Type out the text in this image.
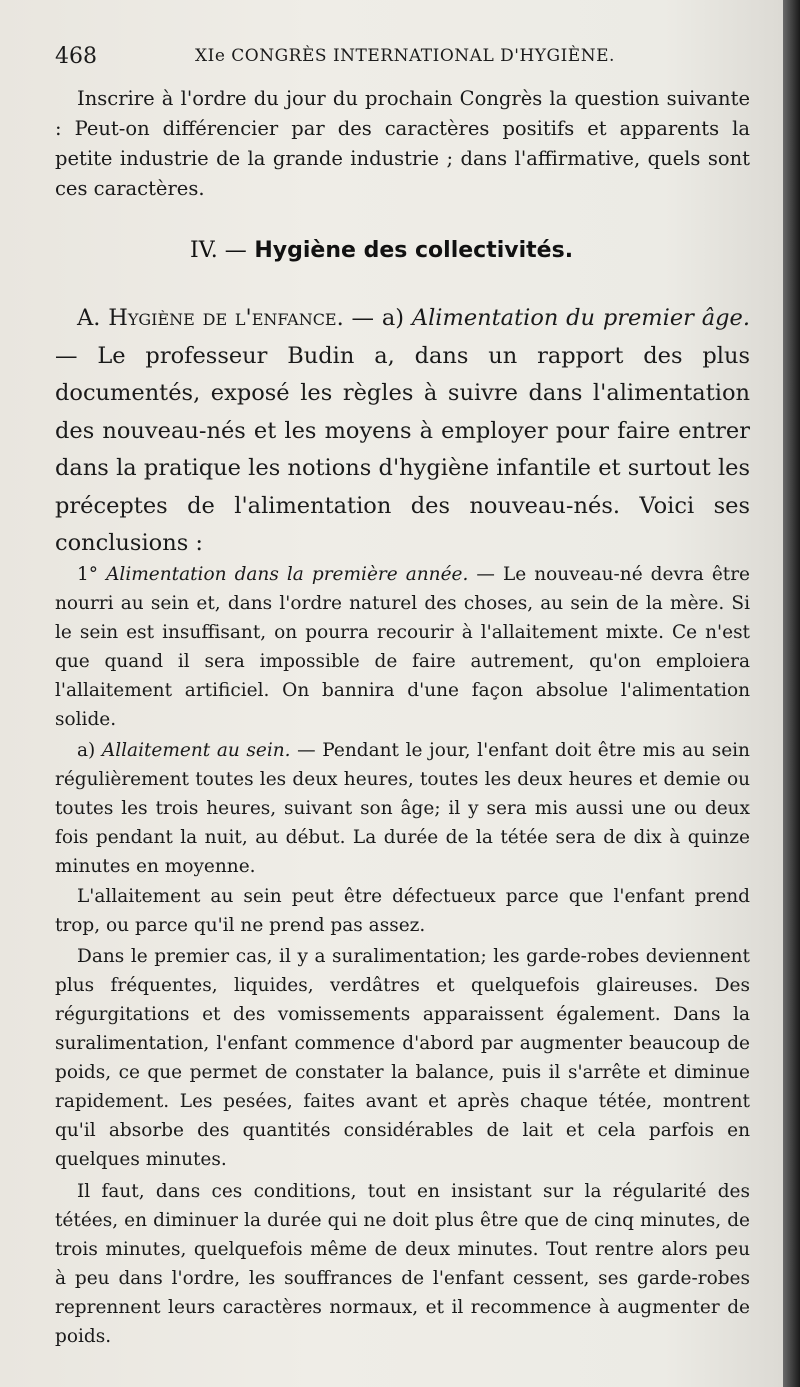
468	XIe CONGRÈS INTERNATIONAL D'HYGIÈNE.

Inscrire à l'ordre du jour du prochain Congrès la question suivante : Peut-on différencier par des caractères positifs et apparents la petite industrie de la grande industrie ; dans l'affirmative, quels sont ces caractères.

IV. — Hygiène des collectivités.

A. Hygiène de l'enfance. — a) Alimentation du premier âge. — Le professeur Budin a, dans un rapport des plus documentés, exposé les règles à suivre dans l'alimentation des nouveau-nés et les moyens à employer pour faire entrer dans la pratique les notions d'hygiène infantile et surtout les préceptes de l'alimentation des nouveau-nés. Voici ses conclusions :

1° Alimentation dans la première année. — Le nouveau-né devra être nourri au sein et, dans l'ordre naturel des choses, au sein de la mère. Si le sein est insuffisant, on pourra recourir à l'allaitement mixte. Ce n'est que quand il sera impossible de faire autrement, qu'on emploiera l'allaitement artificiel. On bannira d'une façon absolue l'alimentation solide.

a) Allaitement au sein. — Pendant le jour, l'enfant doit être mis au sein régulièrement toutes les deux heures, toutes les deux heures et demie ou toutes les trois heures, suivant son âge; il y sera mis aussi une ou deux fois pendant la nuit, au début. La durée de la tétée sera de dix à quinze minutes en moyenne.

L'allaitement au sein peut être défectueux parce que l'enfant prend trop, ou parce qu'il ne prend pas assez.

Dans le premier cas, il y a suralimentation; les garde-robes deviennent plus fréquentes, liquides, verdâtres et quelquefois glaireuses. Des régurgitations et des vomissements apparaissent également. Dans la suralimentation, l'enfant commence d'abord par augmenter beaucoup de poids, ce que permet de constater la balance, puis il s'arrête et diminue rapidement. Les pesées, faites avant et après chaque tétée, montrent qu'il absorbe des quantités considérables de lait et cela parfois en quelques minutes.

Il faut, dans ces conditions, tout en insistant sur la régularité des tétées, en diminuer la durée qui ne doit plus être que de cinq minutes, de trois minutes, quelquefois même de deux minutes. Tout rentre alors peu à peu dans l'ordre, les souffrances de l'enfant cessent, ses garde-robes reprennent leurs caractères normaux, et il recommence à augmenter de poids.
